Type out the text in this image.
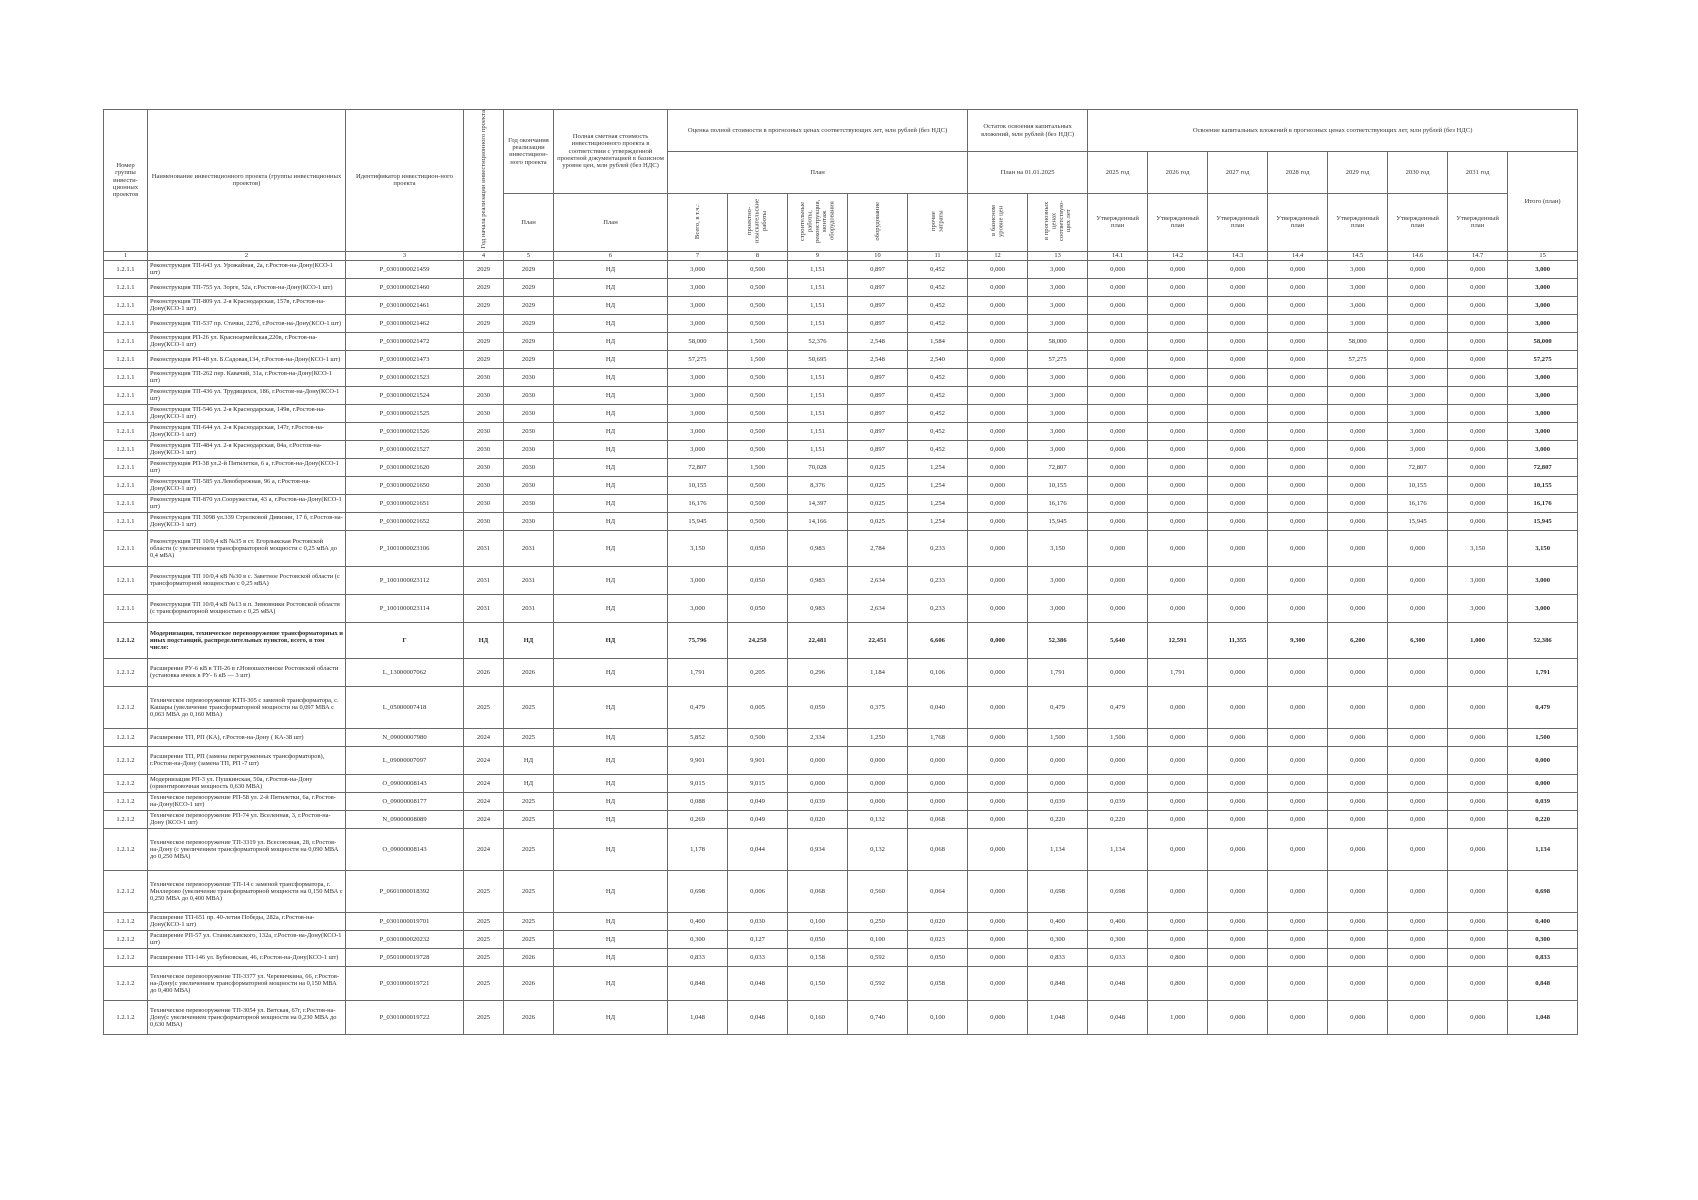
Номер группы инвести-ционных проектов	Наименование инвестиционного проекта (группы инвестиционных проектов)	Идентификатор инвестицион-ного проекта	Год начала реализации инвестиционного проекта	Год окончания реализации инвестицион-ного проекта	Полная сметная стоимость инвестиционного проекта в соответствии с утвержденной проектной документацией в базисном уровне цен, млн рублей (без НДС)	Оценка полной стоимости в прогнозных ценах соответствующих лет, млн рублей (без НДС)					Остаток освоения капитальных вложений, млн рублей (без НДС)		Освоение капитальных вложений в прогнозных ценах соответствующих лет, млн рублей (без НДС)							
						План					План на 01.01.2025		2025 год	2026 год	2027 год	2028 год	2029 год	2030 год	2031 год	Итого (план)
				План	План	Всего, в т.ч.:	проектно-изыскательские работы	строительные работы, реконструкция, монтаж оборудования	оборудование	прочие затраты	в базисном уровне цен	в прогнозных ценах соответствую-щих лет	Утвержденный план	Утвержденный план	Утвержденный план	Утвержденный план	Утвержденный план	Утвержденный план	Утвержденный план	
1	2	3	4	5	6	7	8	9	10	11	12	13	14.1	14.2	14.3	14.4	14.5	14.6	14.7	15
1.2.1.1	Реконструкция ТП-643 ул. Урожайная, 2а, г.Ростов-на-Дону(КСО-1 шт)	P_0301000021459	2029	2029	НД	3,000	0,500	1,151	0,897	0,452	0,000	3,000	0,000	0,000	0,000	0,000	3,000	0,000	0,000	3,000
1.2.1.1	Реконструкция ТП-755 ул. Зорге, 52а, г.Ростов-на-Дону(КСО-1 шт)	P_0301000021460	2029	2029	НД	3,000	0,500	1,151	0,897	0,452	0,000	3,000	0,000	0,000	0,000	0,000	3,000	0,000	0,000	3,000
1.2.1.1	Реконструкция ТП-809 ул. 2-я Краснодарская, 157в, г.Ростов-на-Дону(КСО-1 шт)	P_0301000021461	2029	2029	НД	3,000	0,500	1,151	0,897	0,452	0,000	3,000	0,000	0,000	0,000	0,000	3,000	0,000	0,000	3,000
1.2.1.1	Реконструкция ТП-537 пр. Стачки, 227б, г.Ростов-на-Дону(КСО-1 шт)	P_0301000021462	2029	2029	НД	3,000	0,500	1,151	0,897	0,452	0,000	3,000	0,000	0,000	0,000	0,000	3,000	0,000	0,000	3,000
1.2.1.1	Реконструкция РП-26 ул. Красноармейская,220в, г.Ростов-на-Дону(КСО-1 шт)	P_0301000021472	2029	2029	НД	58,000	1,500	52,376	2,548	1,584	0,000	58,000	0,000	0,000	0,000	0,000	58,000	0,000	0,000	58,000
1.2.1.1	Реконструкция РП-48 ул. Б.Садовая,134, г.Ростов-на-Дону(КСО-1 шт)	P_0301000021473	2029	2029	НД	57,275	1,500	50,695	2,548	2,540	0,000	57,275	0,000	0,000	0,000	0,000	57,275	0,000	0,000	57,275
1.2.1.1	Реконструкция ТП-262 пер. Кавачий, 31а, г.Ростов-на-Дону(КСО-1 шт)	P_0301000021523	2030	2030	НД	3,000	0,500	1,151	0,897	0,452	0,000	3,000	0,000	0,000	0,000	0,000	0,000	3,000	0,000	3,000
1.2.1.1	Реконструкция ТП-436 ул. Трудящихся, 186, г.Ростов-на-Дону(КСО-1 шт)	P_0301000021524	2030	2030	НД	3,000	0,500	1,151	0,897	0,452	0,000	3,000	0,000	0,000	0,000	0,000	0,000	3,000	0,000	3,000
1.2.1.1	Реконструкция ТП-546 ул. 2-я Краснодарская, 149в, г.Ростов-на-Дону(КСО-1 шт)	P_0301000021525	2030	2030	НД	3,000	0,500	1,151	0,897	0,452	0,000	3,000	0,000	0,000	0,000	0,000	0,000	3,000	0,000	3,000
1.2.1.1	Реконструкция ТП-644 ул. 2-я Краснодарская, 147г, г.Ростов-на-Дону(КСО-1 шт)	P_0301000021526	2030	2030	НД	3,000	0,500	1,151	0,897	0,452	0,000	3,000	0,000	0,000	0,000	0,000	0,000	3,000	0,000	3,000
1.2.1.1	Реконструкция ТП-484 ул. 2-я Краснодарская, 84а, г.Ростов-на-Дону(КСО-1 шт)	P_0301000021527	2030	2030	НД	3,000	0,500	1,151	0,897	0,452	0,000	3,000	0,000	0,000	0,000	0,000	0,000	3,000	0,000	3,000
1.2.1.1	Реконструкция РП-38 ул.2-й Пятилетки, 6 а, г.Ростов-на-Дону(КСО-1 шт)	P_0301000021620	2030	2030	НД	72,807	1,500	70,028	0,025	1,254	0,000	72,807	0,000	0,000	0,000	0,000	0,000	72,807	0,000	72,807
1.2.1.1	Реконструкция ТП-585 ул.Левобережная, 96 а, г.Ростов-на-Дону(КСО-1 шт)	P_0301000021650	2030	2030	НД	10,155	0,500	8,376	0,025	1,254	0,000	10,155	0,000	0,000	0,000	0,000	0,000	10,155	0,000	10,155
1.2.1.1	Реконструкция ТП-870 ул.Сооружестая, 43 а, г.Ростов-на-Дону(КСО-1 шт)	P_0301000021651	2030	2030	НД	16,176	0,500	14,397	0,025	1,254	0,000	16,176	0,000	0,000	0,000	0,000	0,000	16,176	0,000	16,176
1.2.1.1	Реконструкция ТП 3098 ул.339 Стрелковой Дивизии, 17 б, г.Ростов-на-Дону(КСО-1 шт)	P_0301000021652	2030	2030	НД	15,945	0,500	14,166	0,025	1,254	0,000	15,945	0,000	0,000	0,000	0,000	0,000	15,945	0,000	15,945
1.2.1.1	Реконструкция ТП 10/0,4 кВ №35 в ст. Егорлыкская Ростовской области (с увеличением трансформаторной мощности с 0,25 мВА до 0,4 мВА)	P_1001000023106	2031	2031	НД	3,150	0,050	0,983	2,784	0,233	0,000	3,150	0,000	0,000	0,000	0,000	0,000	0,000	3,150	3,150
1.2.1.1	Реконструкция ТП 10/0,4 кВ №30 в с. Заветное Ростовской области (с трансформаторной мощностью с 0,25 мВА)	P_1001000023112	2031	2031	НД	3,000	0,050	0,983	2,634	0,233	0,000	3,000	0,000	0,000	0,000	0,000	0,000	0,000	3,000	3,000
1.2.1.1	Реконструкция ТП 10/0,4 кВ №13 в п. Зимовники Ростовской области (с трансформаторной мощностью с 0,25 мВА)	P_1001000023114	2031	2031	НД	3,000	0,050	0,983	2,634	0,233	0,000	3,000	0,000	0,000	0,000	0,000	0,000	0,000	3,000	3,000
1.2.1.2	Модернизация, техническое перевооружение трансформаторных и иных подстанций, распределительных пунктов, всего, в том числе:	Г	НД	НД	НД	75,796	24,258	22,481	22,451	6,606	0,000	52,386	5,640	12,591	11,355	9,300	6,200	6,300	1,000	52,386
1.2.1.2	Расширение РУ-6 кВ в ТП-26 в г.Новошахтинске Ростовской области (установка ячеек в РУ- 6 кВ — 3 шт)	L_13000007062	2026	2026	НД	1,791	0,205	0,296	1,184	0,106	0,000	1,791	0,000	1,791	0,000	0,000	0,000	0,000	0,000	1,791
1.2.1.2	Техническое перевооружение КТП-305 с заменой трансформатора, с. Кашары (увеличение трансформаторной мощности на 0,097 МВА с 0,063 МВА до 0,160 МВА)	L_05000007418	2025	2025	НД	0,479	0,005	0,059	0,375	0,040	0,000	0,479	0,479	0,000	0,000	0,000	0,000	0,000	0,000	0,479
1.2.1.2	Расширение ТП, РП (КА), г.Ростов-на-Дону ( КА-38 шт)	N_09000007980	2024	2025	НД	5,852	0,500	2,334	1,250	1,768	0,000	1,500	1,500	0,000	0,000	0,000	0,000	0,000	0,000	1,500
1.2.1.2	Расширение ТП, РП (замена перегруженных трансформаторов), г.Ростов-на-Дону (замена ТП, РП -7 шт)	L_09000007097	2024	НД	НД	9,901	9,901	0,000	0,000	0,000	0,000	0,000	0,000	0,000	0,000	0,000	0,000	0,000	0,000	0,000
1.2.1.2	Модернизация РП-3 ул. Пушкинская, 50а, г.Ростов-на-Дону (ориентировочная мощность 0,630 МВА)	O_09000008143	2024	НД	НД	9,015	9,015	0,000	0,000	0,000	0,000	0,000	0,000	0,000	0,000	0,000	0,000	0,000	0,000	0,000
1.2.1.2	Техническое перевооружение РП-58 ул. 2-й Пятилетки, 6а, г.Ростов-на-Дону(КСО-1 шт)	O_09000008177	2024	2025	НД	0,088	0,049	0,039	0,000	0,000	0,000	0,039	0,039	0,000	0,000	0,000	0,000	0,000	0,000	0,039
1.2.1.2	Техническое перевооружение РП-74 ул. Вселенная, 3, г.Ростов-на-Дону (КСО-1 шт)	N_09000008089	2024	2025	НД	0,269	0,049	0,020	0,132	0,068	0,000	0,220	0,220	0,000	0,000	0,000	0,000	0,000	0,000	0,220
1.2.1.2	Техническое перевооружение ТП-3319 ул. Всесоюзная, 28, г.Ростов-на-Дону (с увеличением трансформаторной мощности на 0,090 МВА до 0,250 МВА)	O_09000008143	2024	2025	НД	1,178	0,044	0,934	0,132	0,068	0,000	1,134	1,134	0,000	0,000	0,000	0,000	0,000	0,000	1,134
1.2.1.2	Техническое перевооружение ТП-14 с заменой трансформатора, г. Миллерово (увеличение трансформаторной мощности на 0,150 МВА с 0,250 МВА до 0,400 МВА)	P_0601000018392	2025	2025	НД	0,698	0,006	0,068	0,560	0,064	0,000	0,698	0,698	0,000	0,000	0,000	0,000	0,000	0,000	0,698
1.2.1.2	Расширение ТП-651 пр. 40-летия Победы, 282а, г.Ростов-на-Дону(КСО-1 шт)	P_0301000019701	2025	2025	НД	0,400	0,030	0,100	0,250	0,020	0,000	0,400	0,400	0,000	0,000	0,000	0,000	0,000	0,000	0,400
1.2.1.2	Расширение РП-57 ул. Станиславского, 132а, г.Ростов-на-Дону(КСО-1 шт)	P_0301000020232	2025	2025	НД	0,300	0,127	0,050	0,100	0,023	0,000	0,300	0,300	0,000	0,000	0,000	0,000	0,000	0,000	0,300
1.2.1.2	Расширение ТП-146 ул. Бубновская, 46, г.Ростов-на-Дону(КСО-1 шт)	P_0501000019728	2025	2026	НД	0,833	0,033	0,158	0,592	0,050	0,000	0,833	0,033	0,800	0,000	0,000	0,000	0,000	0,000	0,833
1.2.1.2	Техническое перевооружение ТП-3377 ул. Черевичкина, 66, г.Ростов-на-Дону(с увеличением трансформаторной мощности на 0,150 МВА до 0,400 МВА)	P_0301000019721	2025	2026	НД	0,848	0,048	0,150	0,592	0,058	0,000	0,848	0,048	0,800	0,000	0,000	0,000	0,000	0,000	0,848
1.2.1.2	Техническое перевооружение ТП-3054 ул. Вятская, 67г, г.Ростов-на-Дону(с увеличением трансформаторной мощности на 0,230 МВА до 0,630 МВА)	P_0301000019722	2025	2026	НД	1,048	0,048	0,160	0,740	0,100	0,000	1,048	0,048	1,000	0,000	0,000	0,000	0,000	0,000	1,048
